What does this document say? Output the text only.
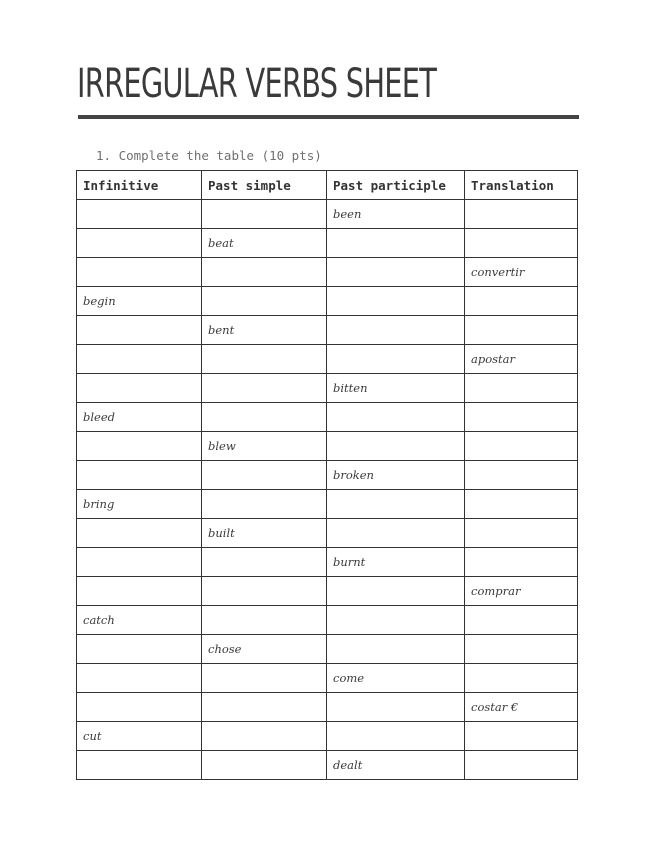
IRREGULAR VERBS SHEET
1. Complete the table (10 pts)
Infinitive	Past simple	Past participle	Translation
		been	
	beat		
			convertir
begin			
	bent		
			apostar
		bitten	
bleed			
	blew		
		broken	
bring			
	built		
		burnt	
			comprar
catch			
	chose		
		come	
			costar €
cut			
		dealt	
